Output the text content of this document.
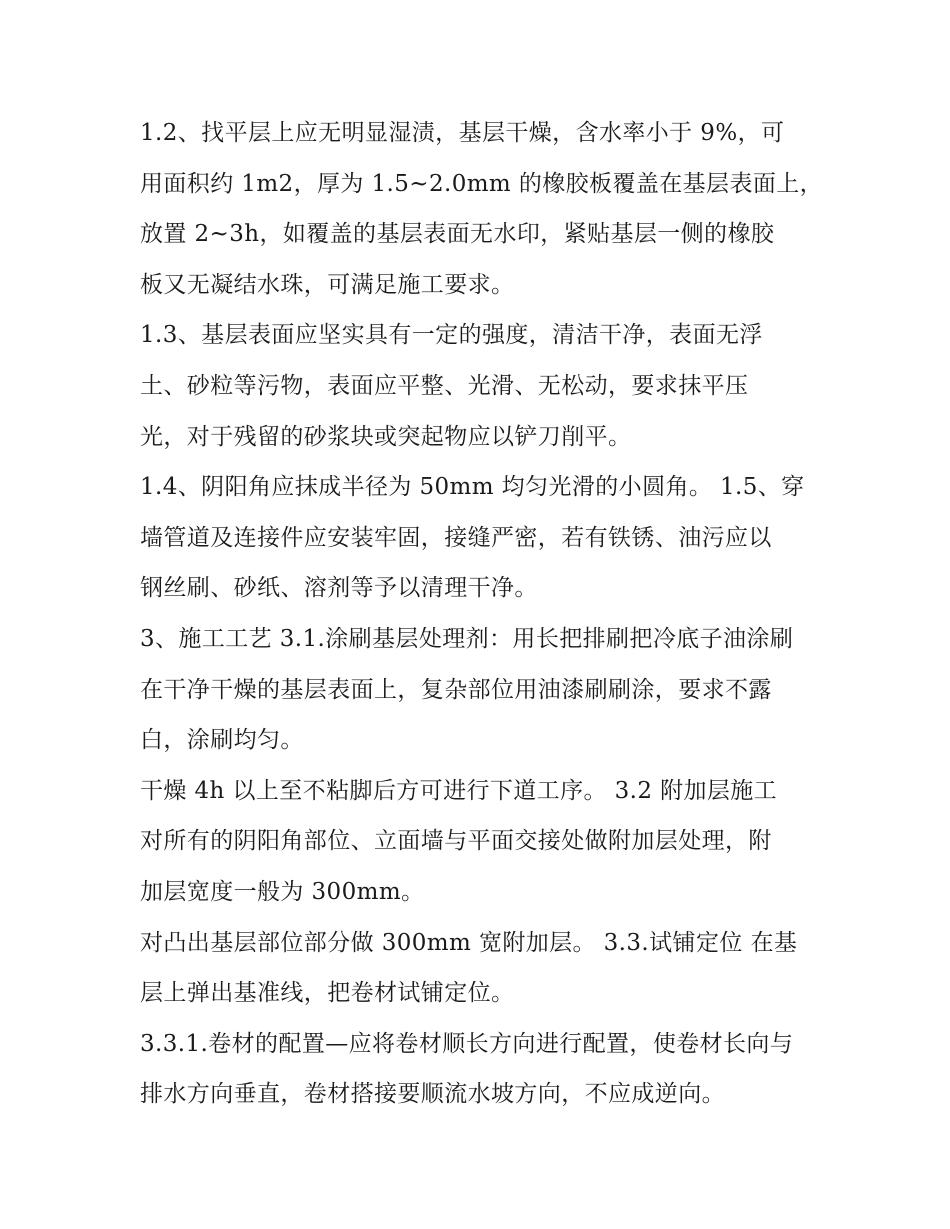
1.2、找平层上应无明显湿渍，基层干燥，含水率小于 9%，可
用面积约 1m2，厚为 1.5~2.0mm 的橡胶板覆盖在基层表面上，
放置 2~3h，如覆盖的基层表面无水印，紧贴基层一侧的橡胶
板又无凝结水珠，可满足施工要求。
1.3、基层表面应坚实具有一定的强度，清洁干净，表面无浮
土、砂粒等污物，表面应平整、光滑、无松动，要求抹平压
光，对于残留的砂浆块或突起物应以铲刀削平。
1.4、阴阳角应抹成半径为 50mm 均匀光滑的小圆角。 1.5、穿
墙管道及连接件应安装牢固，接缝严密，若有铁锈、油污应以
钢丝刷、砂纸、溶剂等予以清理干净。
3、施工工艺 3.1.涂刷基层处理剂：用长把排刷把冷底子油涂刷
在干净干燥的基层表面上，复杂部位用油漆刷刷涂，要求不露
白，涂刷均匀。
干燥 4h 以上至不粘脚后方可进行下道工序。 3.2 附加层施工
对所有的阴阳角部位、立面墙与平面交接处做附加层处理，附
加层宽度一般为 300mm。
对凸出基层部位部分做 300mm 宽附加层。 3.3.试铺定位 在基
层上弹出基准线，把卷材试铺定位。
3.3.1.卷材的配置—应将卷材顺长方向进行配置，使卷材长向与
排水方向垂直，卷材搭接要顺流水坡方向，不应成逆向。
